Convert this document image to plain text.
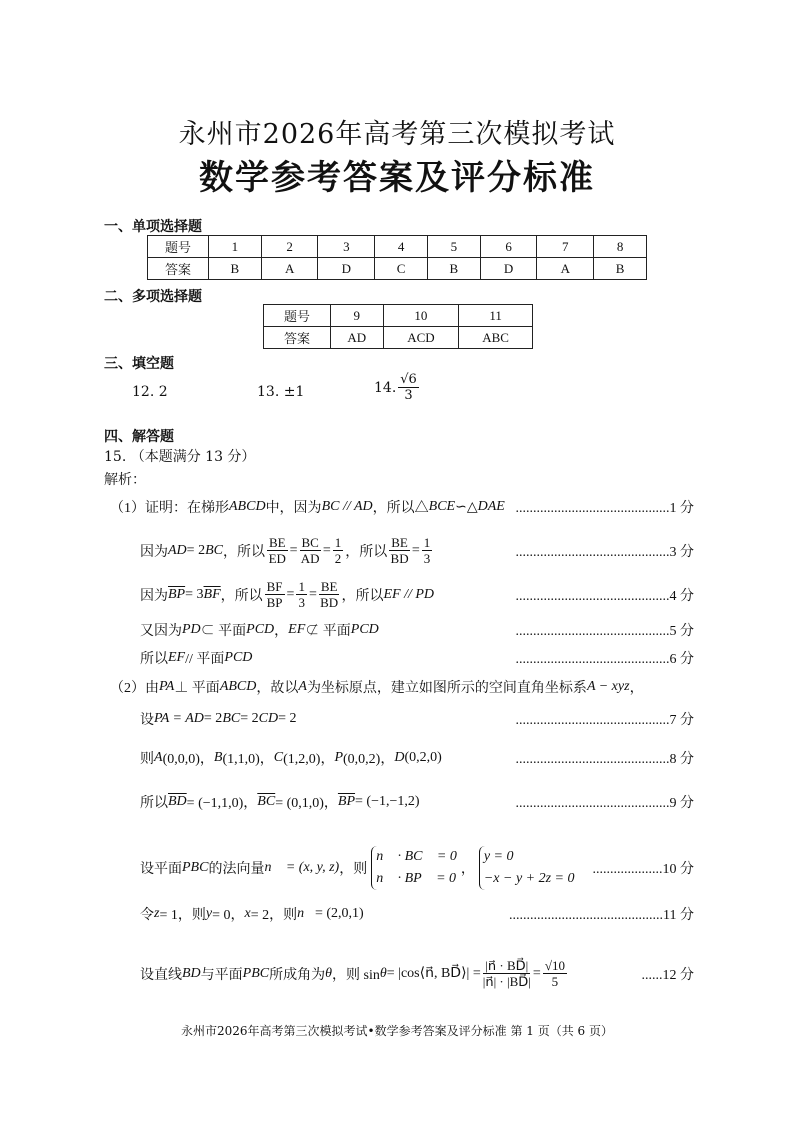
永州市2026年高考第三次模拟考试
数学参考答案及评分标准
一、单项选择题
题号	1	2	3	4	5	6	7	8
答案	B	A	D	C	B	D	A	B
二、多项选择题
题号	9	10	11
答案	AD	ACD	ABC
三、填空题
12. 2	13. ±1	14. $\frac{√6}{3}$
四、解答题
15. （本题满分 13 分）
解析：
（1）证明：在梯形 ABCD 中，因为 BC // AD ，所以△ BCE ∽△ DAE ............................................1 分
因为 AD = 2 BC ，所以 $\frac{BE}{ED} = \frac{BC}{AD} = \frac{1}{2}$ ，所以 $\frac{BE}{BD} = \frac{1}{3}$	............................................3 分
因为 $\overline{BP} = 3$ $\overline{BF}$ ，所以 $\frac{BF}{BP} = \frac{1}{3} = \frac{BE}{BD}$ ，所以 EF // PD	............................................4 分
又因为 PD ⊂ 平面 PCD ， EF ⊄ 平面 PCD	............................................5 分
所以 EF // 平面 PCD	............................................6 分
（2）由 PA ⊥ 平面 ABCD ，故以 A 为坐标原点，建立如图所示的空间直角坐标系 A − xyz ，
设 PA = AD = 2 BC = 2 CD = 2	............................................7 分
则 A (0,0,0)， B (1,1,0)， C (1,2,0)， P (0,0,2)， D (0,2,0)	............................................8 分
所以 $\overline{BD} = (-1,1,0)$， $\overline{BC} = (0,1,0)$， $\overline{BP} = (-1,-1,2)$	............................................9 分
设平面 PBC 的法向量 n⃗ = (x, y, z) ，则
n⃗ · BC⃗ = 0
n⃗ · BP⃗ = 0
，
y = 0
−x − y + 2z = 0
....................10 分
令 z = 1，则 y = 0， x = 2，则 n⃗ = (2,0,1)	............................................11 分
设直线 BD 与平面 PBC 所成角为 θ ，则 sin θ = |cos⟨n⃗, BD⃗⟩| = $\frac{|n⃗ \cdot BD⃗|}{|n⃗| \cdot |BD⃗|} = \frac{√10}{5}$	......12 分
永州市2026年高考第三次模拟考试•数学参考答案及评分标准 第 1 页（共 6 页）
